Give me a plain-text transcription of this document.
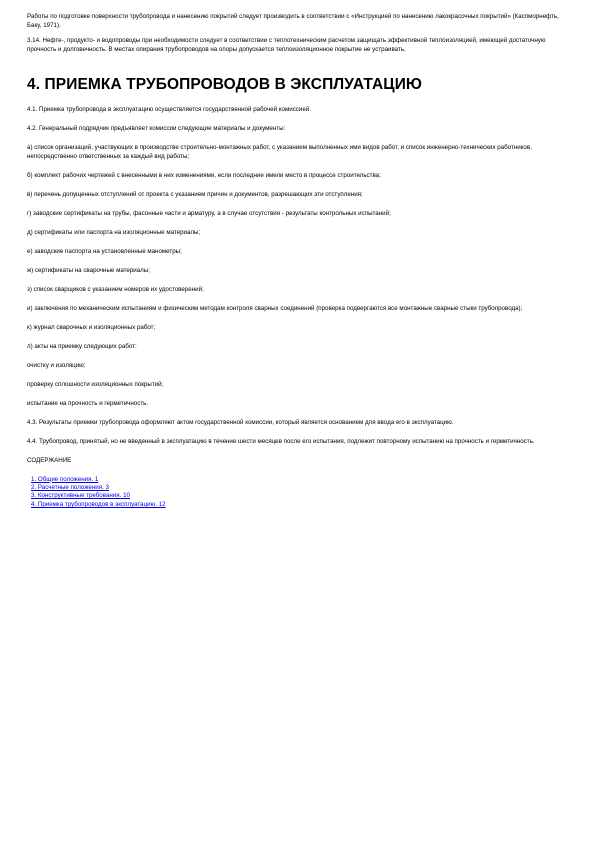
Работы по подготовке поверхности трубопровода и нанесению покрытий следует производить в соответствии с «Инструкцией по нанесению лакокрасочных покрытий» (Каспморнефть, Баку, 1971).

3.14. Нефте-, продукто- и водопроводы при необходимости следует в соответствии с теплотехническим расчетом защищать эффективной теплоизоляцией, имеющей достаточную прочность и долговечность. В местах опирания трубопроводов на опоры допускается теплоизоляционное покрытие не устраивать.

4. ПРИЕМКА ТРУБОПРОВОДОВ В ЭКСПЛУАТАЦИЮ

4.1. Приемка трубопровода в эксплуатацию осуществляется государственной рабочей комиссией.

4.2. Генеральный подрядчик предъявляет комиссии следующие материалы и документы:

а) список организаций, участвующих в производстве строительно-монтажных работ, с указанием выполненных ими видов работ, и список инженерно-технических работников, непосредственно ответственных за каждый вид работы;

б) комплект рабочих чертежей с внесенными в них изменениями, если последние имели место в процессе строительства;

в) перечень допущенных отступлений от проекта с указанием причин и документов, разрешающих эти отступления;

г) заводские сертификаты на трубы, фасонные части и арматуру, а в случае отсутствия - результаты контрольных испытаний;

д) сертификаты или паспорта на изоляционные материалы;

е) заводские паспорта на установленные манометры;

ж) сертификаты на сварочные материалы;

з) список сварщиков с указанием номеров их удостоверений;

и) заключения по механическим испытаниям и физическим методам контроля сварных соединений (проверка подвергаются все монтажные сварные стыки трубопровода);

к) журнал сварочных и изоляционных работ;

л) акты на приемку следующих работ:

очистку и изоляцию;

проверку сплошности изоляционных покрытий;

испытание на прочность и герметичность.

4.3. Результаты приемки трубопровода оформляют актом государственной комиссии, который является основанием для ввода его в эксплуатацию.

4.4. Трубопровод, принятый, но не введенный в эксплуатацию в течение шести месяцев после его испытания, подлежит повторному испытанию на прочность и герметичность.

СОДЕРЖАНИЕ

1. Общие положения. 1
2. Расчетные положения. 3
3. Конструктивные требования. 10
4. Приемка трубопроводов в эксплуатацию. 12
